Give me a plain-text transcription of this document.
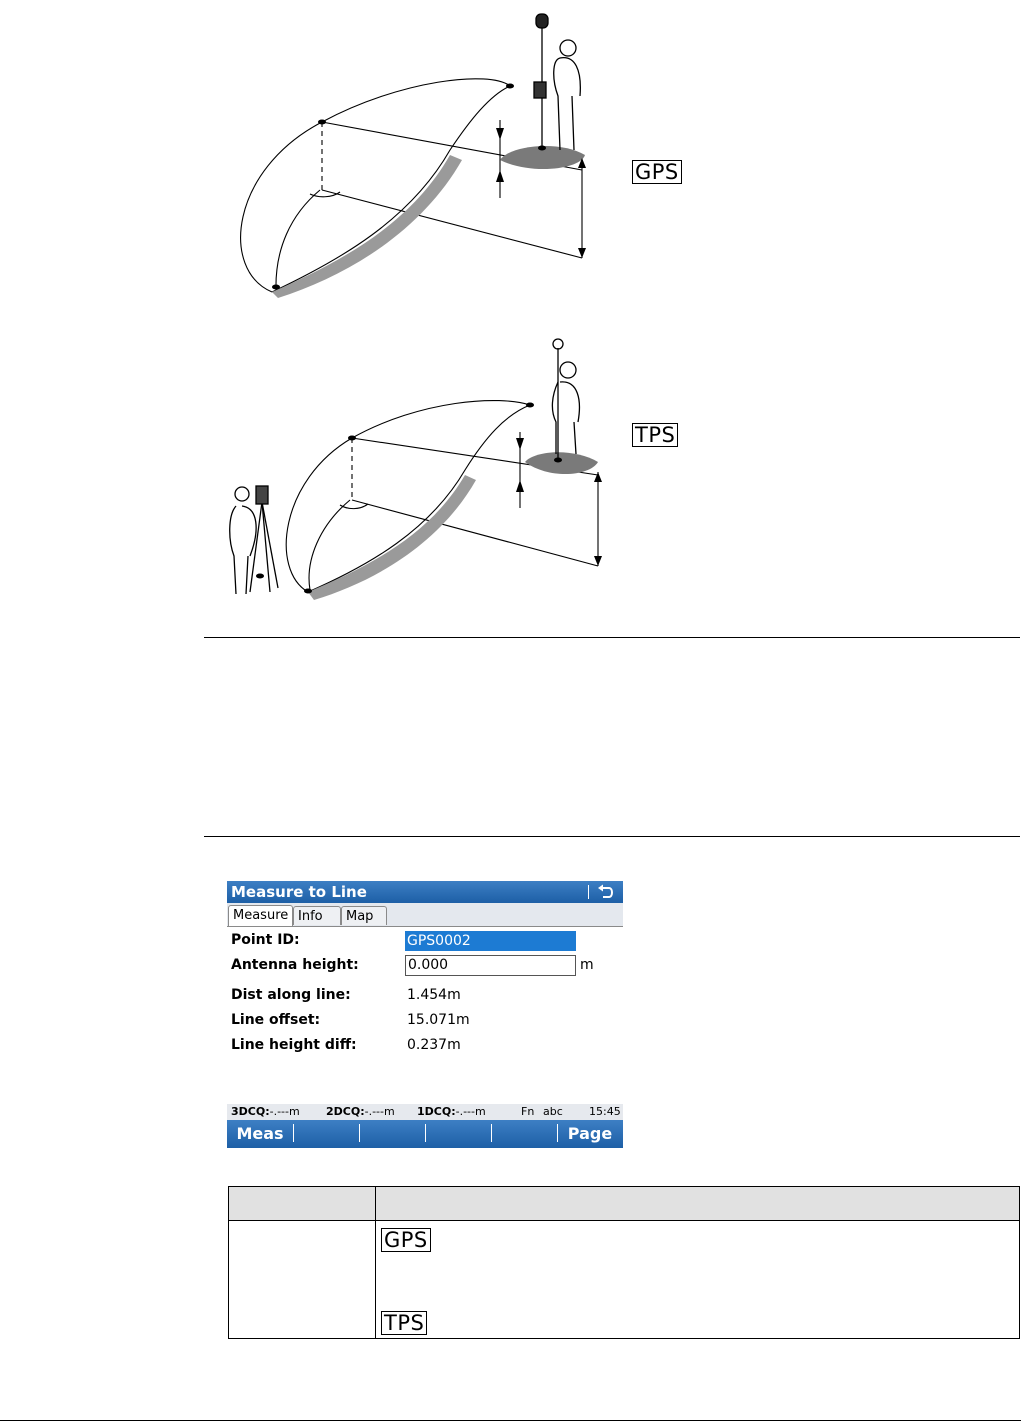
GPS
TPS
Measure to Line
Measure Info	Map
Point ID:	GPS0002
Antenna height:	0.000	m
Dist along line:	1.454m
Line offset:	15.071m
Line height diff:	0.237m
3DCQ:-.---m 2DCQ:-.---m 1DCQ:-.---m	Fn abc 15:45
Meas	Page
GPS
TPS
